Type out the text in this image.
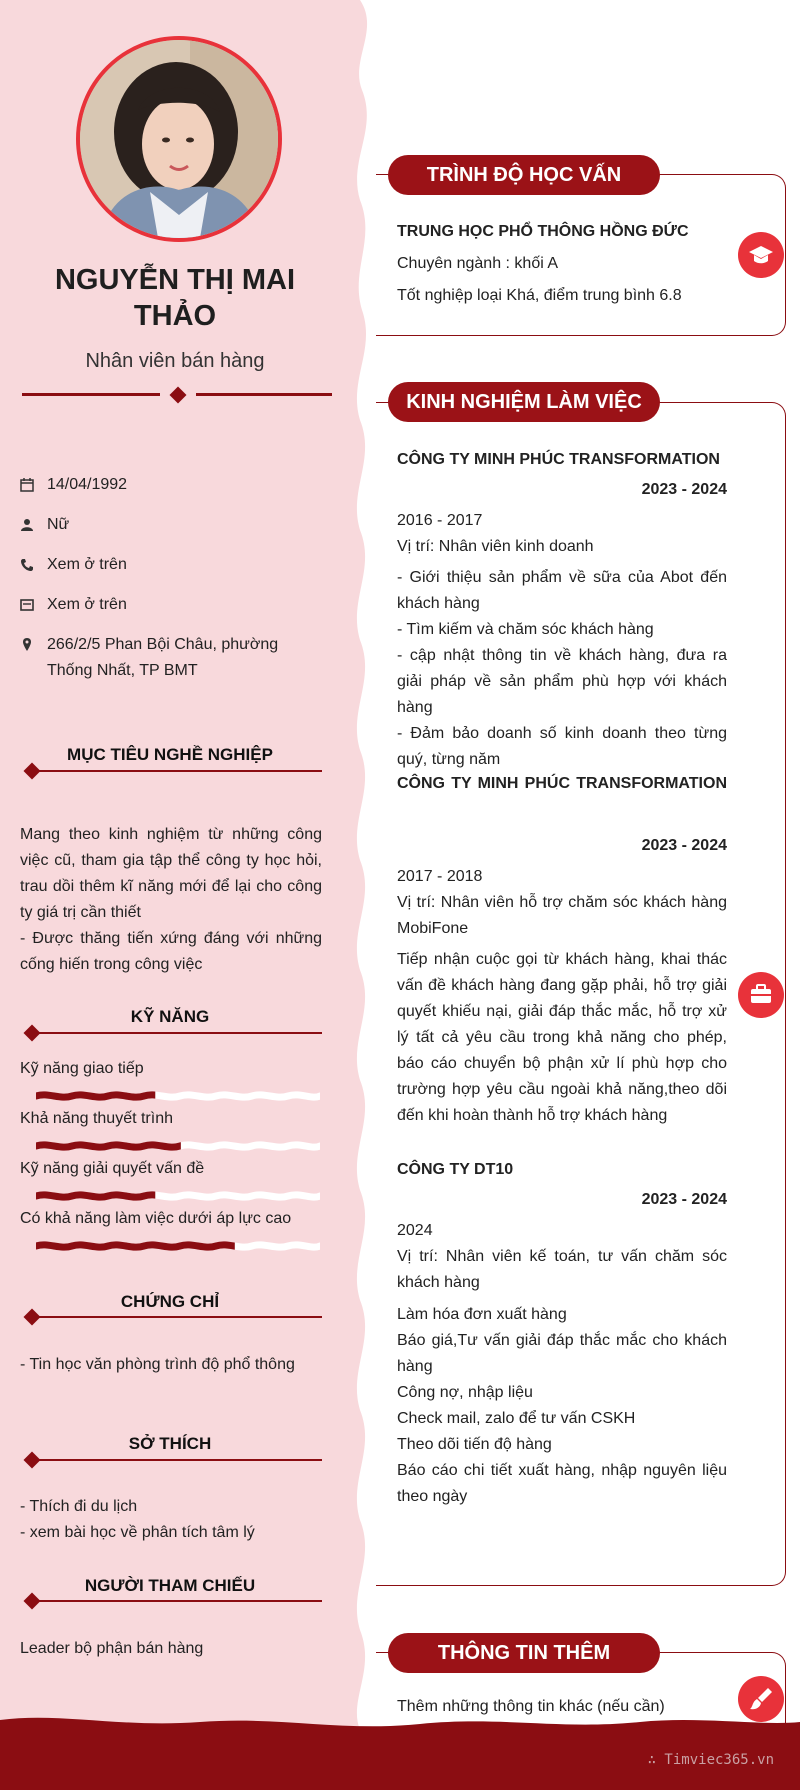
NGUYỄN THỊ MAI
THẢO
Nhân viên bán hàng
14/04/1992
Nữ
Xem ở trên
Xem ở trên
266/2/5 Phan Bội Châu, phường Thống Nhất, TP BMT
MỤC TIÊU NGHỀ NGHIỆP
Mang theo kinh nghiệm từ những công việc cũ, tham gia tập thể công ty học hỏi, trau dồi thêm kĩ năng mới để lại cho công ty giá trị cần thiết
- Được thăng tiến xứng đáng với những cống hiến trong công việc
KỸ NĂNG
Kỹ năng giao tiếp
Khả năng thuyết trình
Kỹ năng giải quyết vấn đề
Có khả năng làm việc dưới áp lực cao
CHỨNG CHỈ
- Tin học văn phòng trình độ phổ thông
SỞ THÍCH
- Thích đi du lịch
- xem bài học về phân tích tâm lý
NGƯỜI THAM CHIẾU
Leader bộ phận bán hàng
TRÌNH ĐỘ HỌC VẤN
TRUNG HỌC PHỔ THÔNG HỒNG ĐỨC
Chuyên ngành : khối A
Tốt nghiệp loại Khá, điểm trung bình 6.8
KINH NGHIỆM LÀM VIỆC
CÔNG TY MINH PHÚC TRANSFORMATION
2023 - 2024
2016 - 2017
Vị trí: Nhân viên kinh doanh
- Giới thiệu sản phẩm về sữa của Abot đến khách hàng
- Tìm kiếm và chăm sóc khách hàng
- cập nhật thông tin về khách hàng, đưa ra giải pháp về sản phẩm phù hợp với khách hàng
- Đảm bảo doanh số kinh doanh theo từng quý, từng năm
CÔNG TY MINH PHÚC TRANSFORMATION
2023 - 2024
2017 - 2018
Vị trí: Nhân viên hỗ trợ chăm sóc khách hàng MobiFone
Tiếp nhận cuộc gọi từ khách hàng, khai thác vấn đề khách hàng đang gặp phải, hỗ trợ giải quyết khiếu nại, giải đáp thắc mắc, hỗ trợ xử lý tất cả yêu cầu trong khả năng cho phép, báo cáo chuyển bộ phận xử lí phù hợp cho trường hợp yêu cầu ngoài khả năng,theo dõi đến khi hoàn thành hỗ trợ khách hàng
CÔNG TY DT10
2023 - 2024
2024
Vị trí: Nhân viên kế toán, tư vấn chăm sóc khách hàng
Làm hóa đơn xuất hàng
Báo giá,Tư vấn giải đáp thắc mắc cho khách hàng
Công nợ, nhập liệu
Check mail, zalo để tư vấn CSKH
Theo dõi tiến độ hàng
Báo cáo chi tiết xuất hàng, nhập nguyên liệu theo ngày
THÔNG TIN THÊM
Thêm những thông tin khác (nếu cần)
∴ Timviec365.vn
